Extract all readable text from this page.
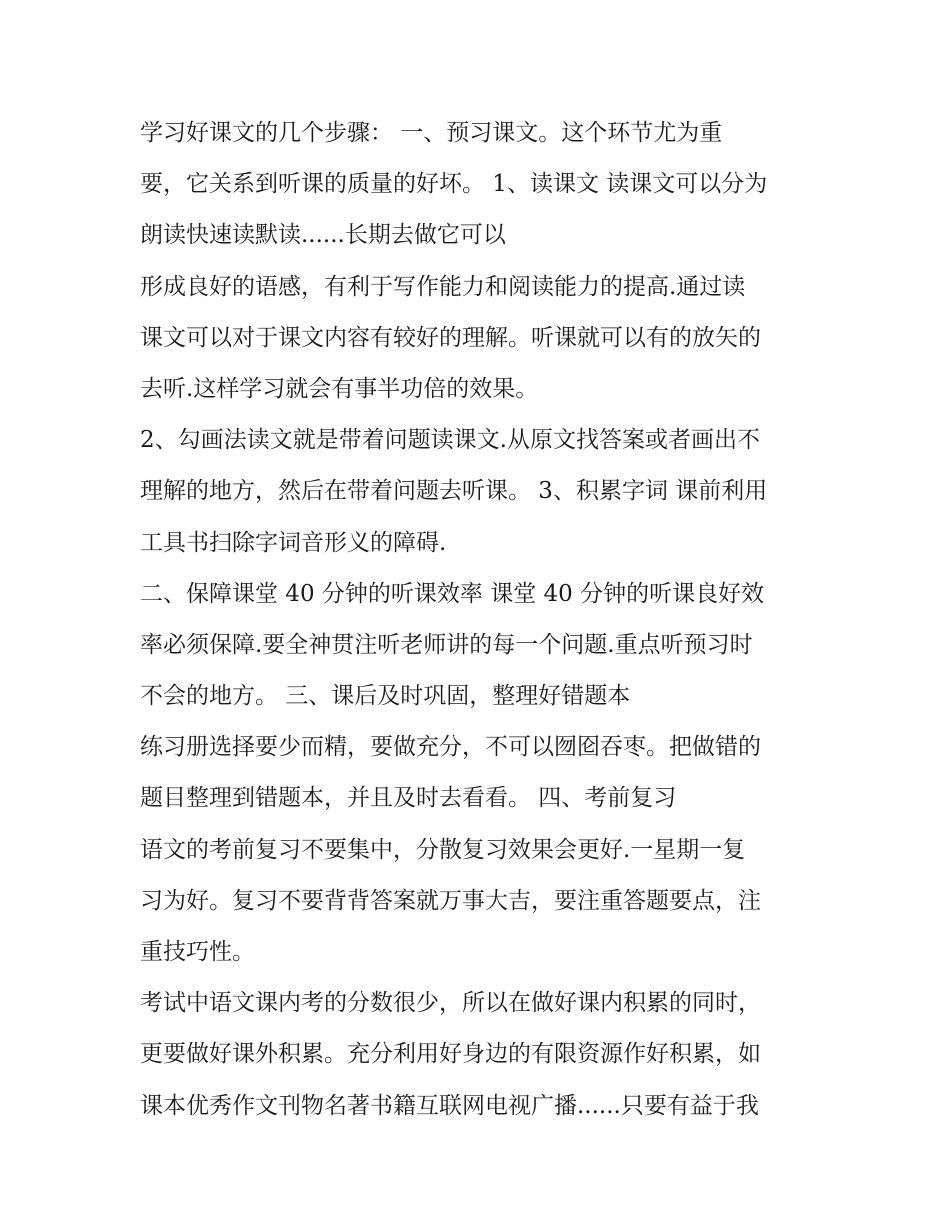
学习好课文的几个步骤： 一、预习课文。这个环节尤为重
要，它关系到听课的质量的好坏。 1、读课文 读课文可以分为
朗读快速读默读......长期去做它可以
形成良好的语感，有利于写作能力和阅读能力的提高.通过读
课文可以对于课文内容有较好的理解。听课就可以有的放矢的
去听.这样学习就会有事半功倍的效果。
2、勾画法读文就是带着问题读课文.从原文找答案或者画出不
理解的地方，然后在带着问题去听课。 3、积累字词 课前利用
工具书扫除字词音形义的障碍.
二、保障课堂 40 分钟的听课效率 课堂 40 分钟的听课良好效
率必须保障.要全神贯注听老师讲的每一个问题.重点听预习时
不会的地方。 三、课后及时巩固，整理好错题本
练习册选择要少而精，要做充分，不可以囫囵吞枣。把做错的
题目整理到错题本，并且及时去看看。 四、考前复习
语文的考前复习不要集中，分散复习效果会更好.一星期一复
习为好。复习不要背背答案就万事大吉，要注重答题要点，注
重技巧性。
考试中语文课内考的分数很少，所以在做好课内积累的同时，
更要做好课外积累。充分利用好身边的有限资源作好积累，如
课本优秀作文刊物名著书籍互联网电视广播......只要有益于我
